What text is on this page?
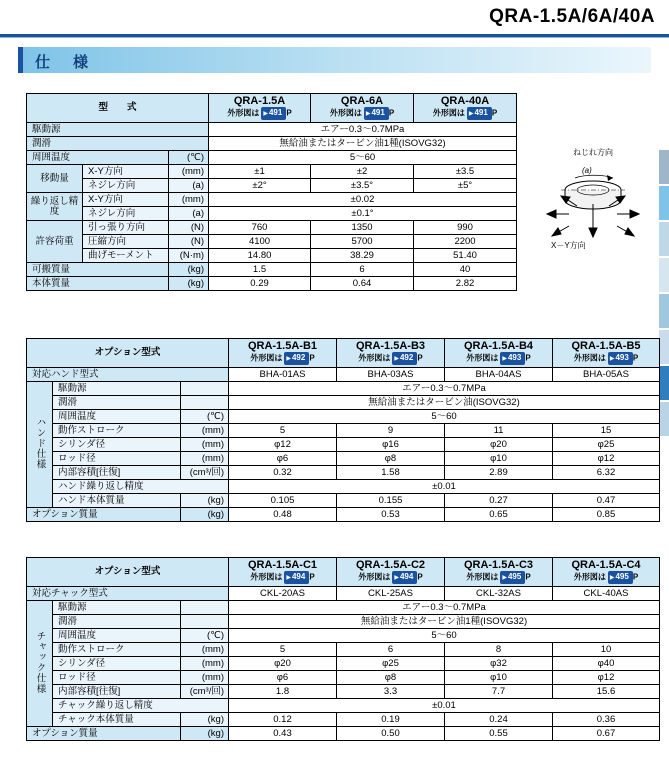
QRA-1.5A/6A/40A
仕　様
型　　式	
QRA-1.5A
外形図は ▶ 491 P

QRA-6A
外形図は ▶ 491 P

QRA-40A
外形図は ▶ 491 P

駆動源			エアー0.3～0.7MPa		
潤滑			無給油またはタービン油1種(ISOVG32)		
周囲温度		(℃)	5～60		
移動量	X-Y方向	(mm)	±1	±2	±3.5
	ネジレ方向	(a)	±2°	±3.5°	±5°
繰り返し精度	X-Y方向	(mm)	±0.02		
	ネジレ方向	(a)	±0.1°		
許容荷重	引っ張り方向	(N)	760	1350	990
	圧縮方向	(N)	4100	5700	2200
	曲げモーメント	(N·m)	14.80	38.29	51.40
可搬質量		(kg)	1.5	6	40
本体質量		(kg)	0.29	0.64	2.82
ねじれ方向
(a)
X－Y方向
オプション型式	
QRA-1.5A-B1
外形図は ▶ 492 P

QRA-1.5A-B3
外形図は ▶ 492 P

QRA-1.5A-B4
外形図は ▶ 493 P

QRA-1.5A-B5
外形図は ▶ 493 P

対応ハンド型式			BHA-01AS	BHA-03AS	BHA-04AS	BHA-05AS
ハンド仕様	駆動源		エアー0.3～0.7MPa			
	潤滑		無給油またはタービン油(ISOVG32)			
	周囲温度	(℃)	5～60			
	動作ストローク	(mm)	5	9	11	15
	シリンダ径	(mm)	φ12	φ16	φ20	φ25
	ロッド径	(mm)	φ6	φ8	φ10	φ12
	内部容積[往復]	(cm³/回)	0.32	1.58	2.89	6.32
	ハンド繰り返し精度		±0.01			
	ハンド本体質量	(kg)	0.105	0.155	0.27	0.47
オプション質量		(kg)	0.48	0.53	0.65	0.85
オプション型式	
QRA-1.5A-C1
外形図は ▶ 494 P

QRA-1.5A-C2
外形図は ▶ 494 P

QRA-1.5A-C3
外形図は ▶ 495 P

QRA-1.5A-C4
外形図は ▶ 495 P

対応チャック型式			CKL-20AS	CKL-25AS	CKL-32AS	CKL-40AS
チャック仕様	駆動源		エアー0.3～0.7MPa			
	潤滑		無給油またはタービン油1種(ISOVG32)			
	周囲温度	(℃)	5～60			
	動作ストローク	(mm)	5	6	8	10
	シリンダ径	(mm)	φ20	φ25	φ32	φ40
	ロッド径	(mm)	φ6	φ8	φ10	φ12
	内部容積[往復]	(cm³/回)	1.8	3.3	7.7	15.6
	チャック繰り返し精度		±0.01			
	チャック本体質量	(kg)	0.12	0.19	0.24	0.36
オプション質量		(kg)	0.43	0.50	0.55	0.67
